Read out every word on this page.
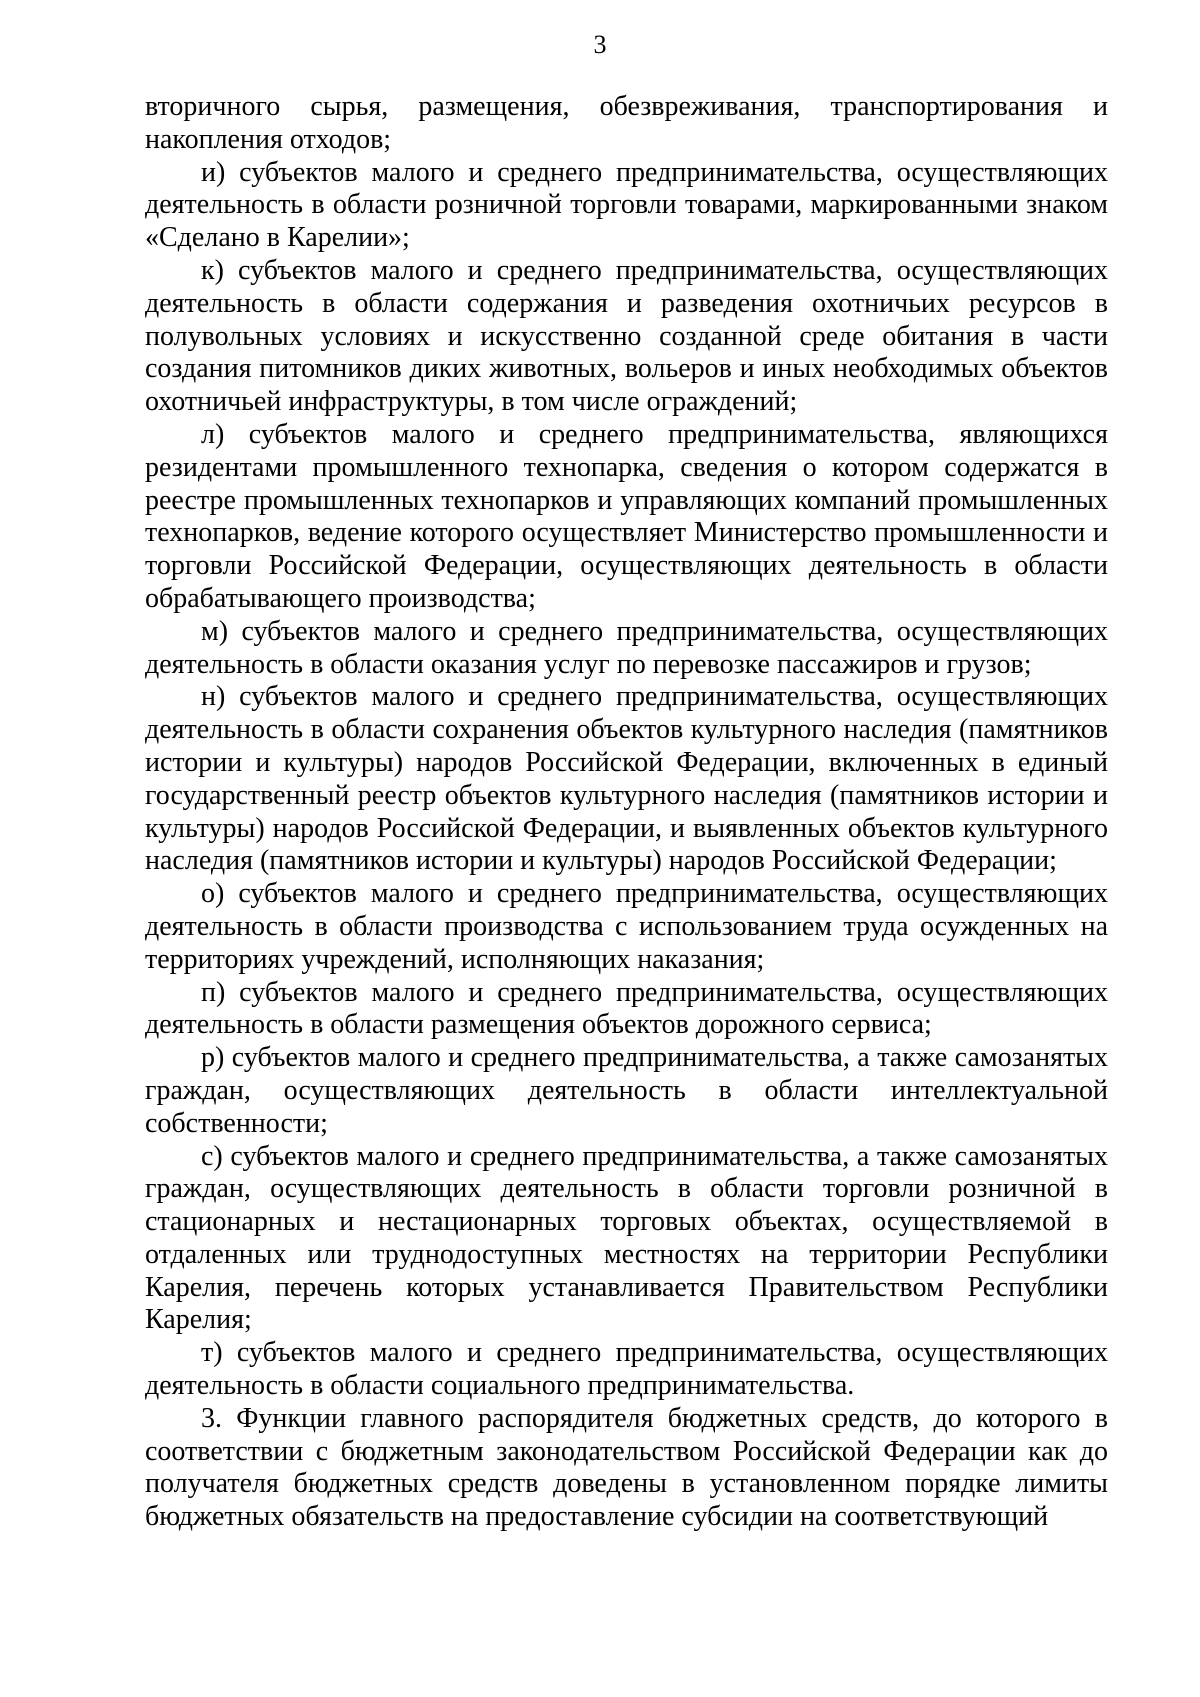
3

вторичного сырья, размещения, обезвреживания, транспортирования и накопления отходов;

и) субъектов малого и среднего предпринимательства, осуществляющих деятельность в области розничной торговли товарами, маркированными знаком «Сделано в Карелии»;

к) субъектов малого и среднего предпринимательства, осуществляющих деятельность в области содержания и разведения охотничьих ресурсов в полувольных условиях и искусственно созданной среде обитания в части создания питомников диких животных, вольеров и иных необходимых объектов охотничьей инфраструктуры, в том числе ограждений;

л) субъектов малого и среднего предпринимательства, являющихся резидентами промышленного технопарка, сведения о котором содержатся в реестре промышленных технопарков и управляющих компаний промышленных технопарков, ведение которого осуществляет Министерство промышленности и торговли Российской Федерации, осуществляющих деятельность в области обрабатывающего производства;

м) субъектов малого и среднего предпринимательства, осуществляющих деятельность в области оказания услуг по перевозке пассажиров и грузов;

н) субъектов малого и среднего предпринимательства, осуществляющих деятельность в области сохранения объектов культурного наследия (памятников истории и культуры) народов Российской Федерации, включенных в единый государственный реестр объектов культурного наследия (памятников истории и культуры) народов Российской Федерации, и выявленных объектов культурного наследия (памятников истории и культуры) народов Российской Федерации;

о) субъектов малого и среднего предпринимательства, осуществляющих деятельность в области производства с использованием труда осужденных на территориях учреждений, исполняющих наказания;

п) субъектов малого и среднего предпринимательства, осуществляющих деятельность в области размещения объектов дорожного сервиса;

р) субъектов малого и среднего предпринимательства, а также самозанятых граждан, осуществляющих деятельность в области интеллектуальной собственности;

с) субъектов малого и среднего предпринимательства, а также самозанятых граждан, осуществляющих деятельность в области торговли розничной в стационарных и нестационарных торговых объектах, осуществляемой в отдаленных или труднодоступных местностях на территории Республики Карелия, перечень которых устанавливается Правительством Республики Карелия;

т) субъектов малого и среднего предпринимательства, осуществляющих деятельность в области социального предпринимательства.

3. Функции главного распорядителя бюджетных средств, до которого в соответствии с бюджетным законодательством Российской Федерации как до получателя бюджетных средств доведены в установленном порядке лимиты бюджетных обязательств на предоставление субсидии на соответствующий
